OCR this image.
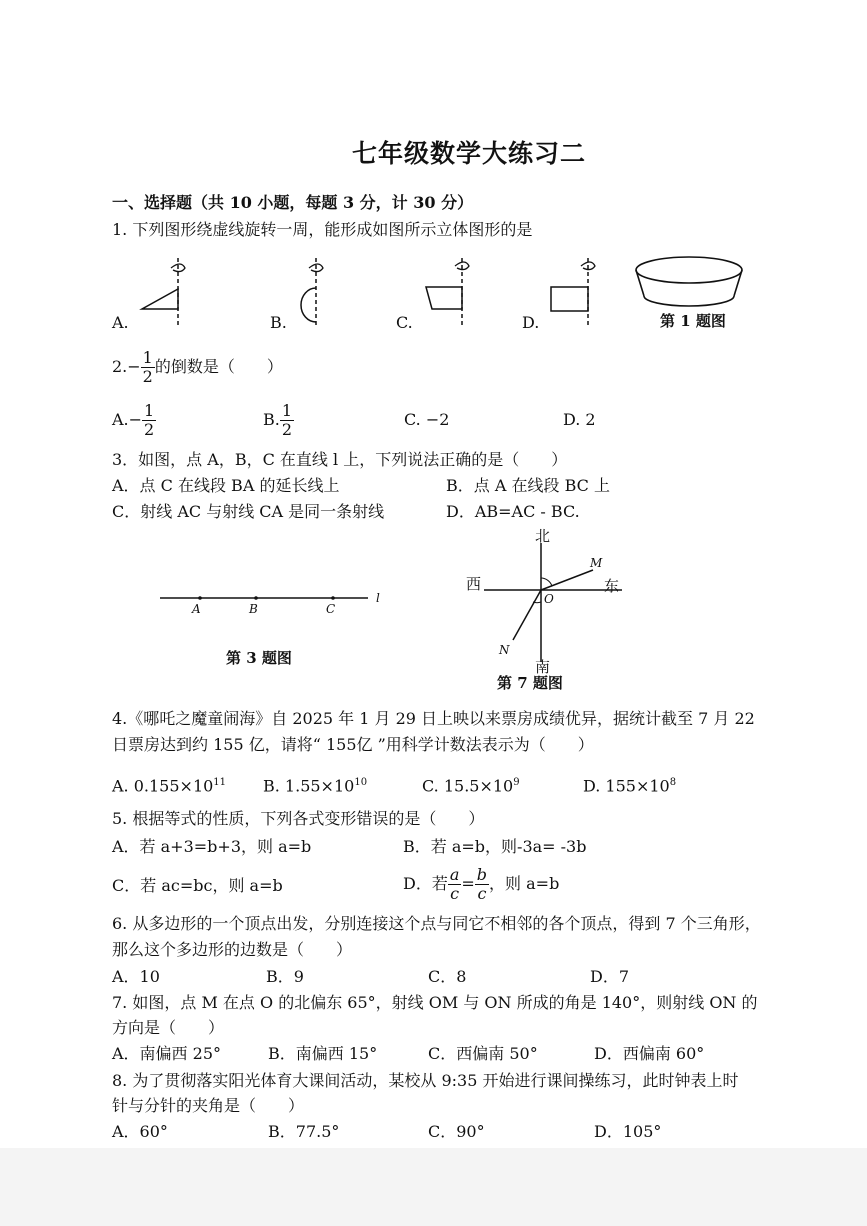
七年级数学大练习二
一、选择题（共 10 小题，每题 3 分，计 30 分）
1. 下列图形绕虚线旋转一周，能形成如图所示立体图形的是
A.	B.	C.	D.	第 1 题图
$2.- \frac{1}{2}$ 的倒数是（　　）
$A.- \frac{1}{2}$	B. $\frac{1}{2}$	C. −2	D. 2
3．如图，点 A，B，C 在直线 l 上，下列说法正确的是（　　）
A．点 C 在线段 BA 的延长线上	B．点 A 在线段 BC 上
C．射线 AC 与射线 CA 是同一条射线	D．AB=AC - BC.
A	B	C
l
第 3 题图
北
南
西	东
O
M
N
第 7 题图
4.《哪吒之魔童闹海》自 2025 年 1 月 29 日上映以来票房成绩优异，据统计截至 7 月 22
日票房达到约 155 亿，请将“ 155亿 ”用科学计数法表示为（　　）
A. $0.155\times 10^{11}$ B. $1.55\times 10^{10}$	C. $15.5\times 10^9$	D. $155\times 10^8$
5. 根据等式的性质，下列各式变形错误的是（　　）
A．若 a+3=b+3，则 a=b	B．若 a=b，则-3a= -3b
C．若 ac=bc，则 a=b	D．若 $\frac{a}{c} = \frac{b}{c}$ ，则 a=b
6. 从多边形的一个顶点出发，分别连接这个点与同它不相邻的各个顶点，得到 7 个三角形，
那么这个多边形的边数是（　　）
A．10	B．9	C．8	D．7
7. 如图，点 M 在点 O 的北偏东 65°，射线 OM 与 ON 所成的角是 140°，则射线 ON 的
方向是（　　）
A．南偏西 25°	B．南偏西 15°	C．西偏南 50°	D．西偏南 60°
8. 为了贯彻落实阳光体育大课间活动，某校从 9:35 开始进行课间操练习，此时钟表上时
针与分针的夹角是（　　）
A．60°	B．77.5°	C．90°	D．105°
